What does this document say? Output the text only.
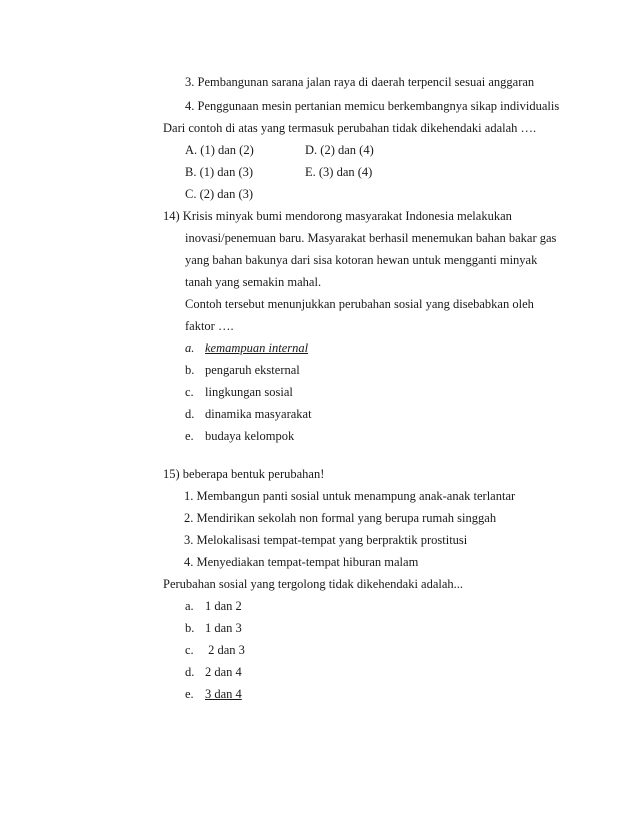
3. Pembangunan sarana jalan raya di daerah terpencil sesuai anggaran
4. Penggunaan mesin pertanian memicu berkembangnya sikap individualis
Dari contoh di atas yang termasuk perubahan tidak dikehendaki adalah ….
A. (1) dan (2)	D. (2) dan (4)
B. (1) dan (3)	E. (3) dan (4)
C. (2) dan (3)
14) Krisis minyak bumi mendorong masyarakat Indonesia melakukan
inovasi/penemuan baru. Masyarakat berhasil menemukan bahan bakar gas
yang bahan bakunya dari sisa kotoran hewan untuk mengganti minyak
tanah yang semakin mahal.
Contoh tersebut menunjukkan perubahan sosial yang disebabkan oleh
faktor ….
a. kemampuan internal
b. pengaruh eksternal
c. lingkungan sosial
d. dinamika masyarakat
e. budaya kelompok
15) beberapa bentuk perubahan!
1. Membangun panti sosial untuk menampung anak-anak terlantar
2. Mendirikan sekolah non formal yang berupa rumah singgah
3. Melokalisasi tempat-tempat yang berpraktik prostitusi
4. Menyediakan tempat-tempat hiburan malam
Perubahan sosial yang tergolong tidak dikehendaki adalah...
a. 1 dan 2
b. 1 dan 3
c. 2 dan 3
d. 2 dan 4
e. 3 dan 4
